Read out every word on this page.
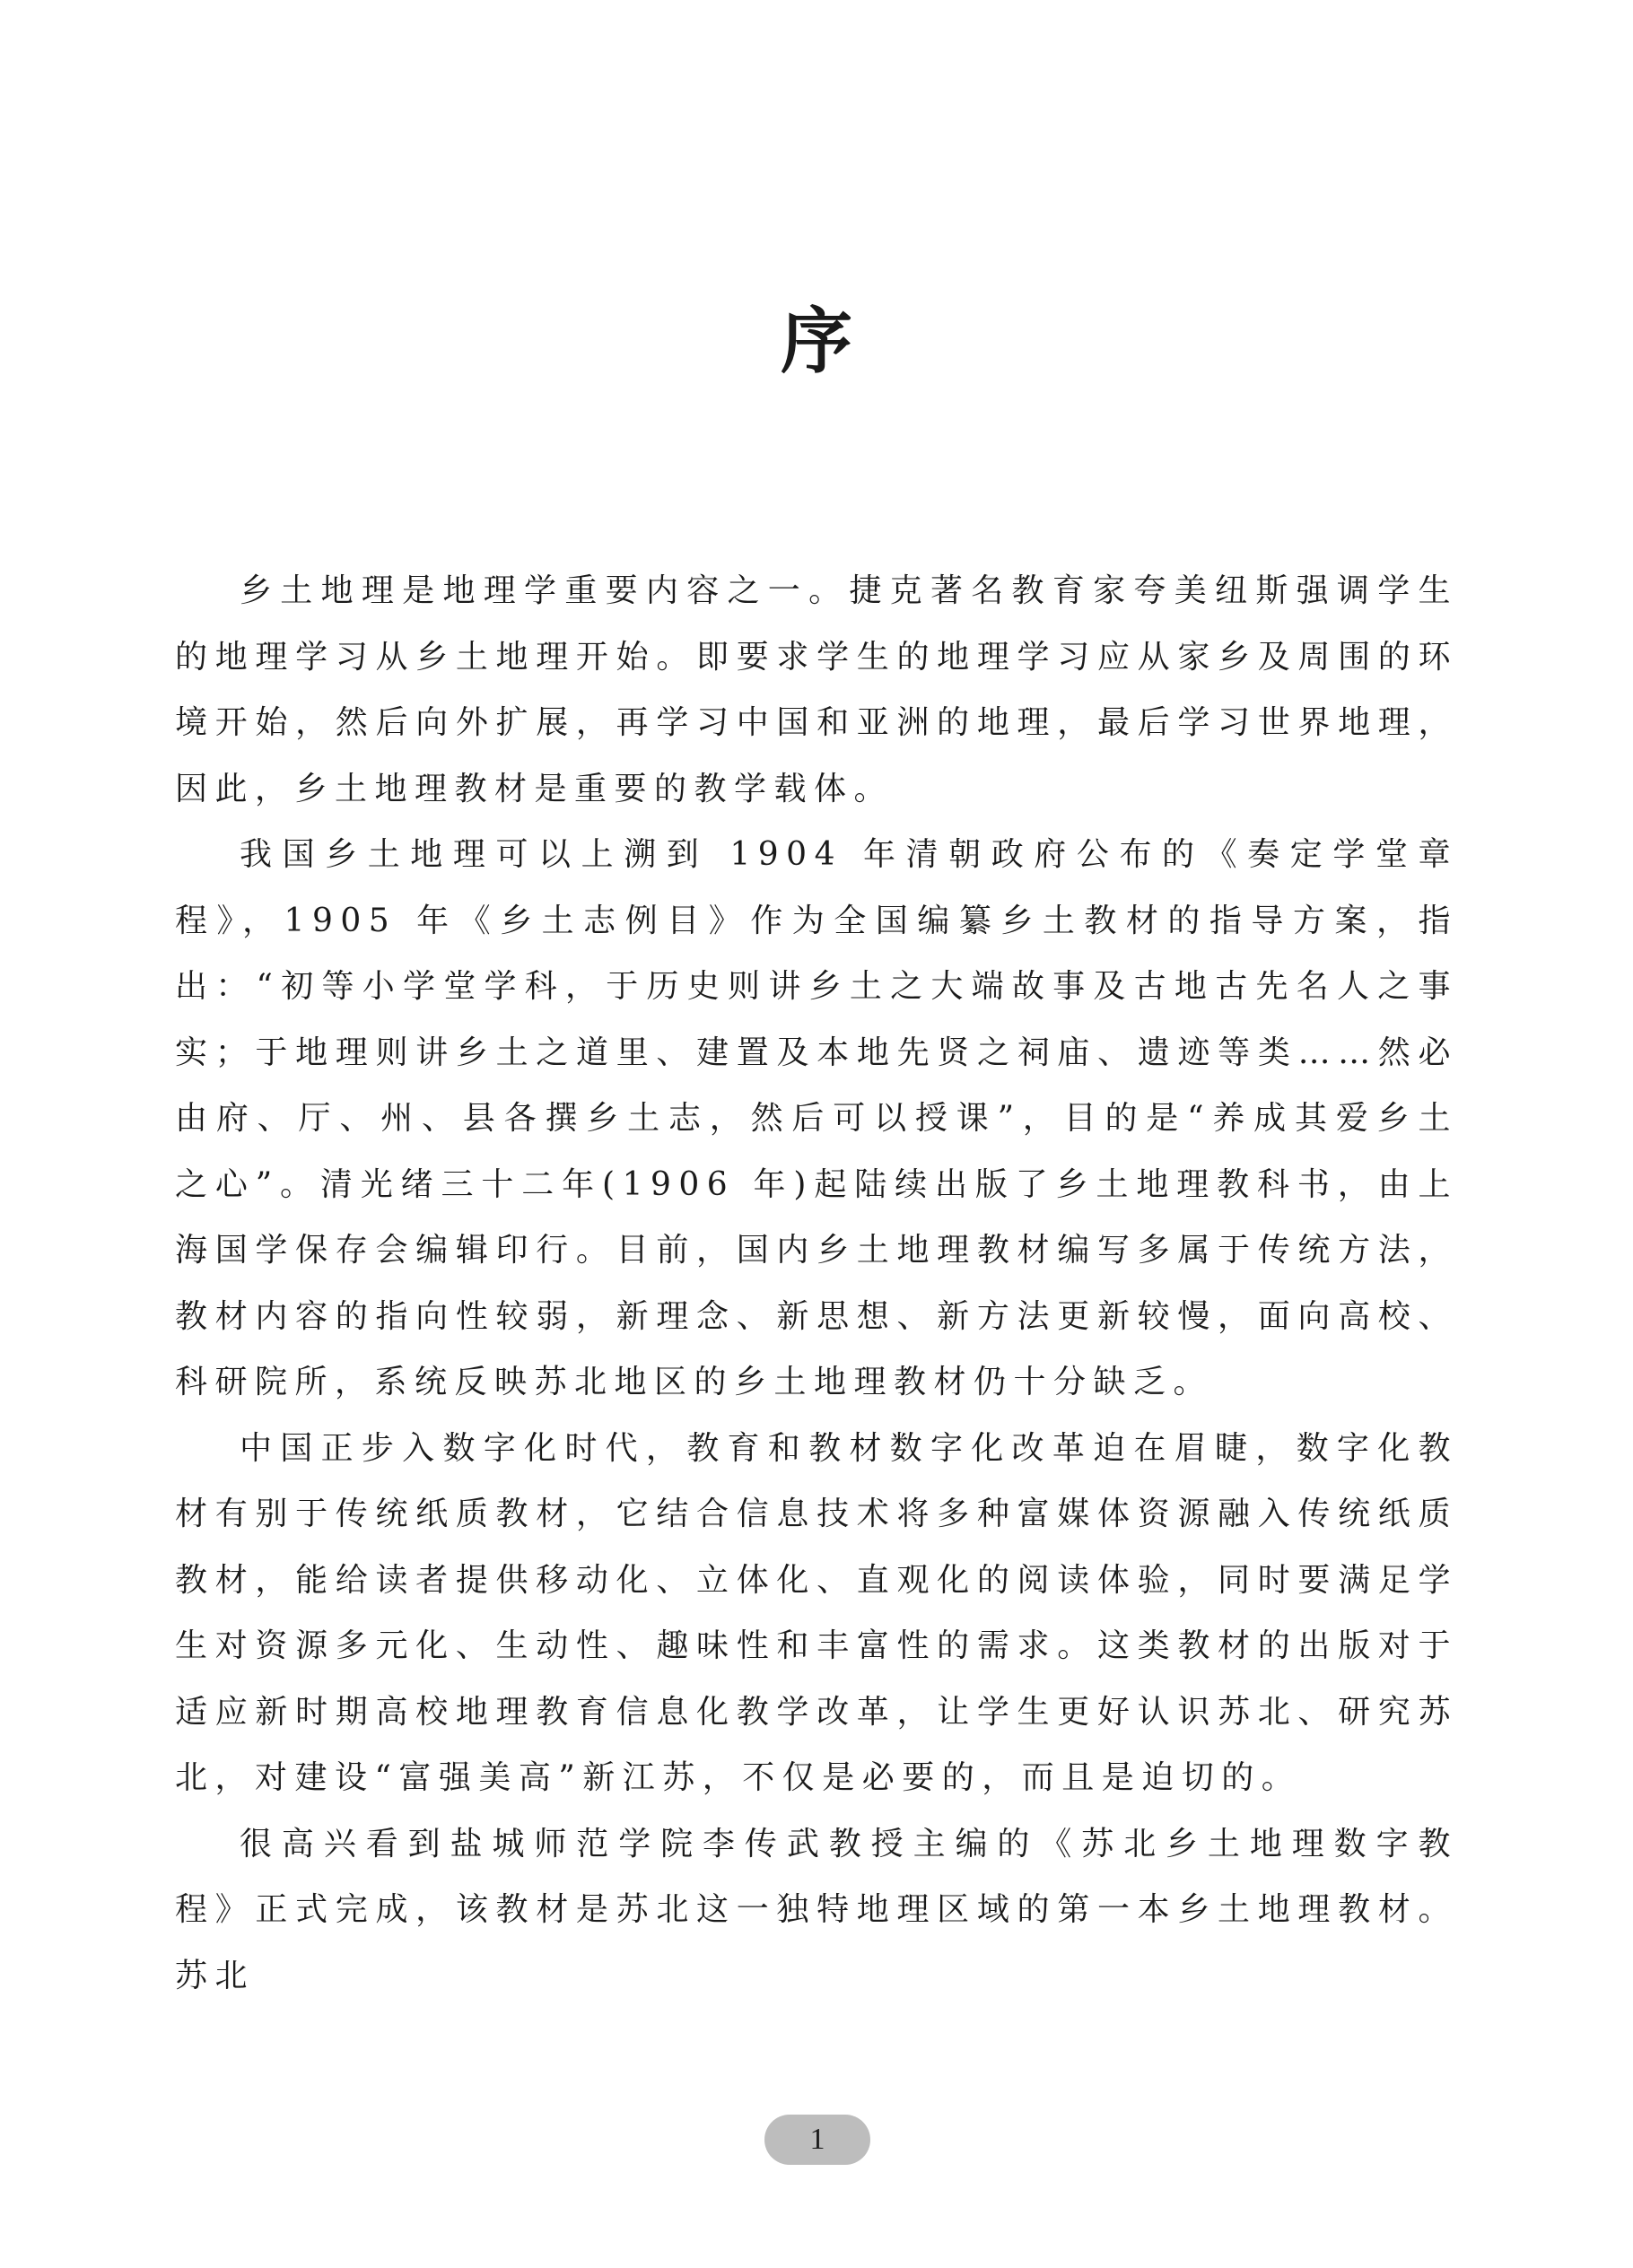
序

乡土地理是地理学重要内容之一。捷克著名教育家夸美纽斯强调学生的地理学习从乡土地理开始。即要求学生的地理学习应从家乡及周围的环境开始，然后向外扩展，再学习中国和亚洲的地理，最后学习世界地理，因此，乡土地理教材是重要的教学载体。

我国乡土地理可以上溯到 1904 年清朝政府公布的《奏定学堂章程》，1905 年《乡土志例目》作为全国编纂乡土教材的指导方案，指出：“初等小学堂学科，于历史则讲乡土之大端故事及古地古先名人之事实；于地理则讲乡土之道里、建置及本地先贤之祠庙、遗迹等类……然必由府、厅、州、县各撰乡土志，然后可以授课”，目的是“养成其爱乡土之心”。清光绪三十二年(1906 年)起陆续出版了乡土地理教科书，由上海国学保存会编辑印行。目前，国内乡土地理教材编写多属于传统方法，教材内容的指向性较弱，新理念、新思想、新方法更新较慢，面向高校、科研院所，系统反映苏北地区的乡土地理教材仍十分缺乏。

中国正步入数字化时代，教育和教材数字化改革迫在眉睫，数字化教材有别于传统纸质教材，它结合信息技术将多种富媒体资源融入传统纸质教材，能给读者提供移动化、立体化、直观化的阅读体验，同时要满足学生对资源多元化、生动性、趣味性和丰富性的需求。这类教材的出版对于适应新时期高校地理教育信息化教学改革，让学生更好认识苏北、研究苏北，对建设“富强美高”新江苏，不仅是必要的，而且是迫切的。

很高兴看到盐城师范学院李传武教授主编的《苏北乡土地理数字教程》正式完成，该教材是苏北这一独特地理区域的第一本乡土地理教材。苏北

1
